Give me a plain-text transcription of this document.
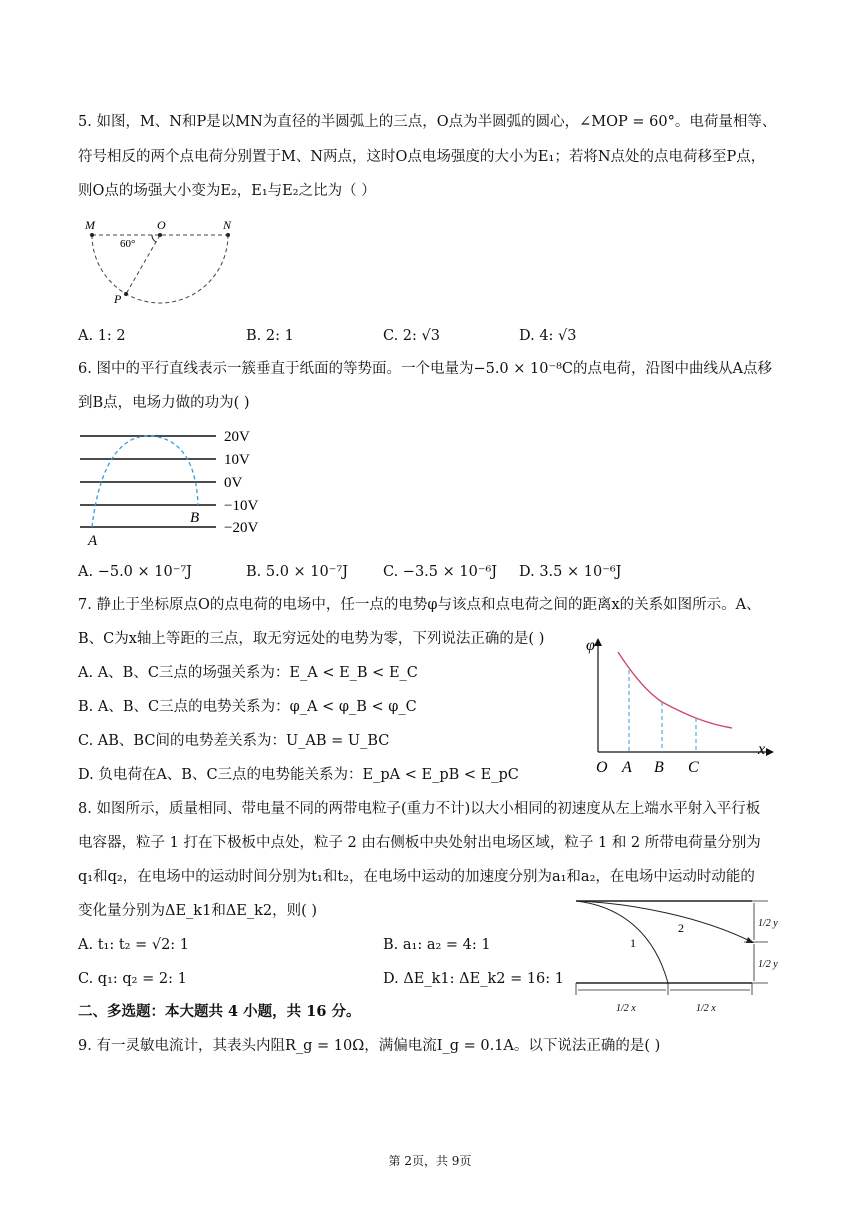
5. 如图，M、N和P是以MN为直径的半圆弧上的三点，O点为半圆弧的圆心，∠MOP = 60°。电荷量相等、
符号相反的两个点电荷分别置于M、N两点，这时O点电场强度的大小为E₁；若将N点处的点电荷移至P点，
则O点的场强大小变为E₂，E₁与E₂之比为（ ）
M	O	N
P
60°
A. 1: 2	B. 2: 1	C. 2: √3	D. 4: √3
6. 图中的平行直线表示一簇垂直于纸面的等势面。一个电量为−5.0 × 10⁻⁸C的点电荷，沿图中曲线从A点移
到B点，电场力做的功为( )
20V
10V
0V
−10V
−20V
A
B
A. −5.0 × 10⁻⁷J	B. 5.0 × 10⁻⁷J C. −3.5 × 10⁻⁶J D. 3.5 × 10⁻⁶J
7. 静止于坐标原点O的点电荷的电场中，任一点的电势φ与该点和点电荷之间的距离x的关系如图所示。A、
B、C为x轴上等距的三点，取无穷远处的电势为零，下列说法正确的是( )
A. A、B、C三点的场强关系为：E_A < E_B < E_C
B. A、B、C三点的电势关系为：φ_A < φ_B < φ_C
C. AB、BC间的电势差关系为：U_AB = U_BC
D. 负电荷在A、B、C三点的电势能关系为：E_pA < E_pB < E_pC
φ
x
O A B C
8. 如图所示，质量相同、带电量不同的两带电粒子(重力不计)以大小相同的初速度从左上端水平射入平行板
电容器，粒子 1 打在下极板中点处，粒子 2 由右侧板中央处射出电场区域，粒子 1 和 2 所带电荷量分别为
q₁和q₂，在电场中的运动时间分别为t₁和t₂，在电场中运动的加速度分别为a₁和a₂，在电场中运动时动能的
变化量分别为ΔE_k1和ΔE_k2，则( )
A. t₁: t₂ = √2: 1	B. a₁: a₂ = 4: 1
C. q₁: q₂ = 2: 1	D. ΔE_k1: ΔE_k2 = 16: 1
1
2	1/2 y
1/2 y
1/2 x	1/2 x
二、多选题：本大题共 4 小题，共 16 分。
9. 有一灵敏电流计，其表头内阻R_g = 10Ω，满偏电流I_g = 0.1A。以下说法正确的是( )
第 2页，共 9页
